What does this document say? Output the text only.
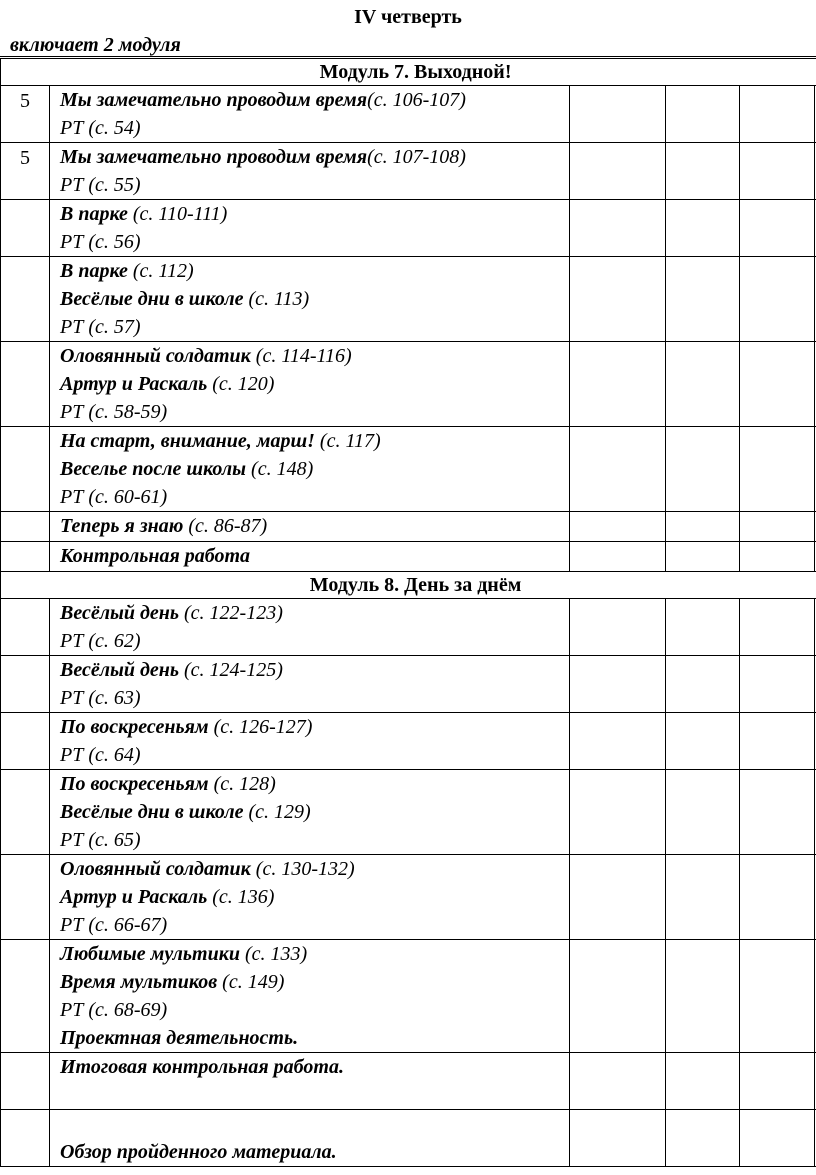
IV четверть
включает 2 модуля
Модуль 7. Выходной!					
5	Мы замечательно проводим время(с. 106-107)
РТ (с. 54)				

5	Мы замечательно проводим время(с. 107-108)
РТ (с. 55)				

	В парке (с. 110-111)
РТ (с. 56)				

	В парке (с. 112)
Весёлые дни в школе (с. 113)
РТ (с. 57)				

	Оловянный солдатик (с. 114-116)
Артур и Раскаль (с. 120)
РТ (с. 58-59)				

	На старт, внимание, марш! (с. 117)
Веселье после школы (с. 148)
РТ (с. 60-61)				

	Теперь я знаю (с. 86-87)				

	Контрольная работа				

Модуль 8. День за днём					

	Весёлый день (с. 122-123)
РТ (с. 62)				

	Весёлый день (с. 124-125)
РТ (с. 63)				

	По воскресеньям (с. 126-127)
РТ (с. 64)				

	По воскресеньям (с. 128)
Весёлые дни в школе (с. 129)
РТ (с. 65)				

	Оловянный солдатик (с. 130-132)
Артур и Раскаль (с. 136)
РТ (с. 66-67)				

	Любимые мультики (с. 133)
Время мультиков (с. 149)
РТ (с. 68-69)
Проектная деятельность.				

	Итоговая контрольная работа.				

	Обзор пройденного материала.				
